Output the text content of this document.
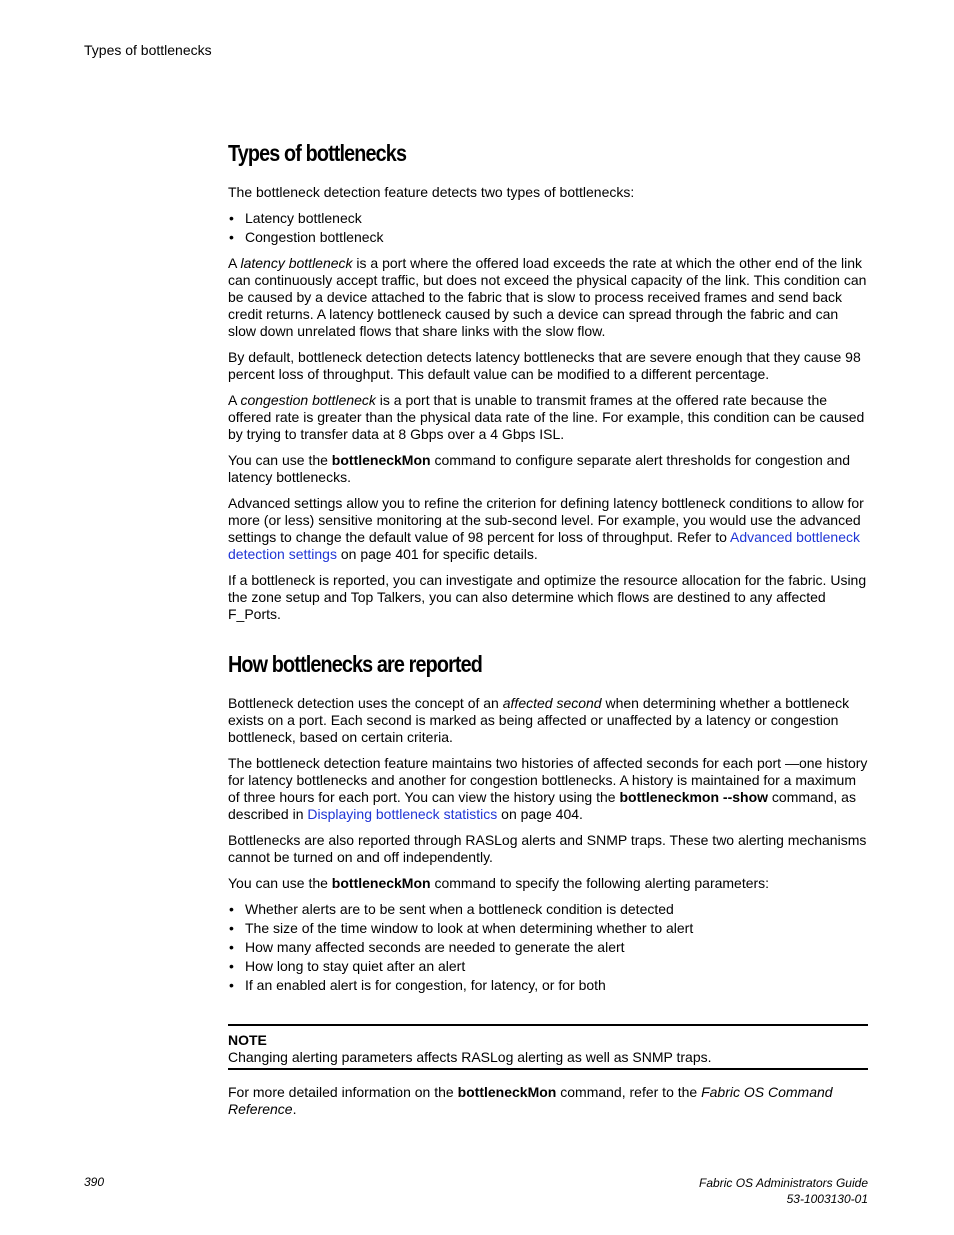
Types of bottlenecks
Types of bottlenecks

The bottleneck detection feature detects two types of bottlenecks:

• Latency bottleneck
• Congestion bottleneck

A latency bottleneck is a port where the offered load exceeds the rate at which the other end of the link can continuously accept traffic, but does not exceed the physical capacity of the link. This condition can be caused by a device attached to the fabric that is slow to process received frames and send back credit returns. A latency bottleneck caused by such a device can spread through the fabric and can slow down unrelated flows that share links with the slow flow.

By default, bottleneck detection detects latency bottlenecks that are severe enough that they cause 98 percent loss of throughput. This default value can be modified to a different percentage.

A congestion bottleneck is a port that is unable to transmit frames at the offered rate because the offered rate is greater than the physical data rate of the line. For example, this condition can be caused by trying to transfer data at 8 Gbps over a 4 Gbps ISL.

You can use the bottleneckMon command to configure separate alert thresholds for congestion and latency bottlenecks.

Advanced settings allow you to refine the criterion for defining latency bottleneck conditions to allow for more (or less) sensitive monitoring at the sub-second level. For example, you would use the advanced settings to change the default value of 98 percent for loss of throughput. Refer to Advanced bottleneck detection settings on page 401 for specific details.

If a bottleneck is reported, you can investigate and optimize the resource allocation for the fabric. Using the zone setup and Top Talkers, you can also determine which flows are destined to any affected F_Ports.

How bottlenecks are reported

Bottleneck detection uses the concept of an affected second when determining whether a bottleneck exists on a port. Each second is marked as being affected or unaffected by a latency or congestion bottleneck, based on certain criteria.

The bottleneck detection feature maintains two histories of affected seconds for each port —one history for latency bottlenecks and another for congestion bottlenecks. A history is maintained for a maximum of three hours for each port. You can view the history using the bottleneckmon --show command, as described in Displaying bottleneck statistics on page 404.

Bottlenecks are also reported through RASLog alerts and SNMP traps. These two alerting mechanisms cannot be turned on and off independently.

You can use the bottleneckMon command to specify the following alerting parameters:

• Whether alerts are to be sent when a bottleneck condition is detected
• The size of the time window to look at when determining whether to alert
• How many affected seconds are needed to generate the alert
• How long to stay quiet after an alert
• If an enabled alert is for congestion, for latency, or for both
NOTE

Changing alerting parameters affects RASLog alerting as well as SNMP traps.

For more detailed information on the bottleneckMon command, refer to the Fabric OS Command Reference.

390	Fabric OS Administrators Guide
53-1003130-01
